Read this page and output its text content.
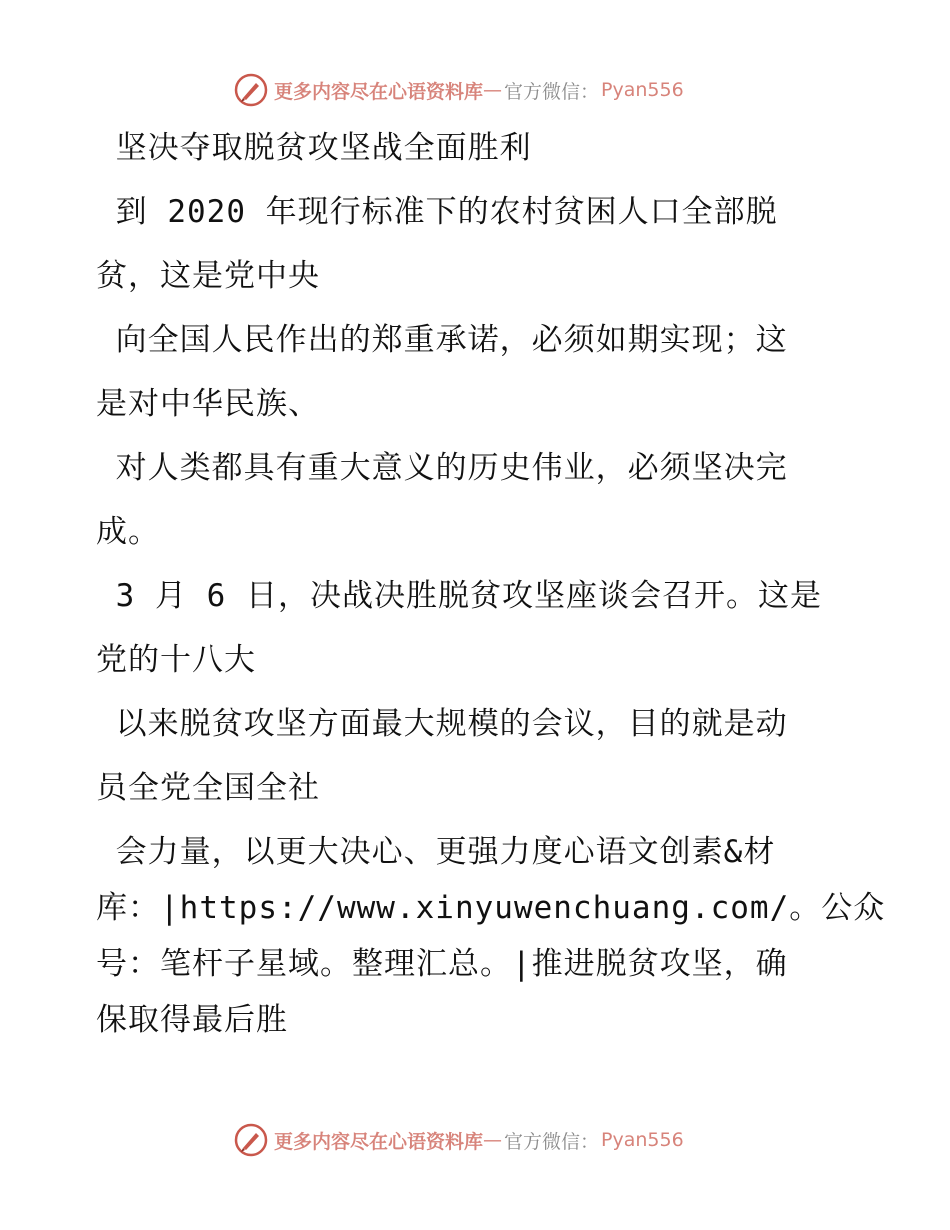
更多内容尽在心语资料库 — 官方微信： Pyan556
坚决夺取脱贫攻坚战全面胜利
到 2020 年现行标准下的农村贫困人口全部脱
贫，这是党中央
向全国人民作出的郑重承诺，必须如期实现；这
是对中华民族、
对人类都具有重大意义的历史伟业，必须坚决完
成。
3 月 6 日，决战决胜脱贫攻坚座谈会召开。这是
党的十八大
以来脱贫攻坚方面最大规模的会议，目的就是动
员全党全国全社
会力量，以更大决心、更强力度心语文创素&材
库：|https://www.xinyuwenchuang.com/。公众
号：笔杆子星域。整理汇总。|推进脱贫攻坚，确
保取得最后胜
更多内容尽在心语资料库 — 官方微信： Pyan556
